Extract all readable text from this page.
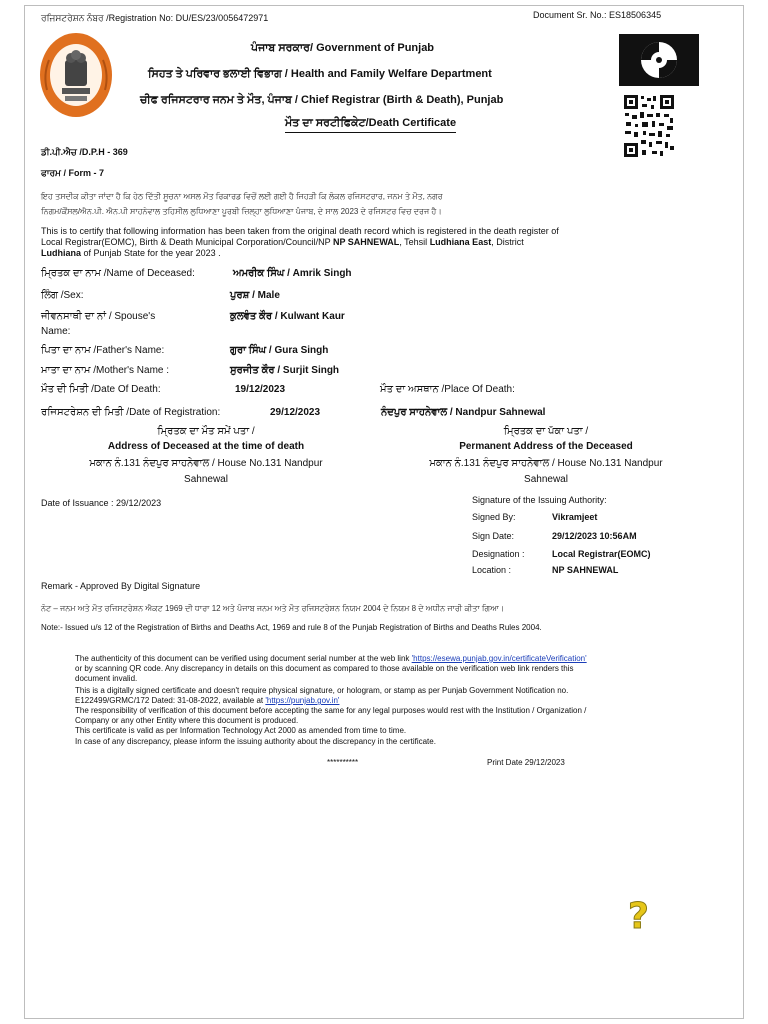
ਰਜਿਸਟਰੇਸ਼ਨ ਨੰਬਰ /Registration No: DU/ES/23/0056472971	Document Sr. No.: ES18506345
ਪੰਜਾਬ ਸਰਕਾਰ/ Government of Punjab
ਸਿਹਤ ਤੇ ਪਰਿਵਾਰ ਭਲਾਈ ਵਿਭਾਗ / Health and Family Welfare Department
ਚੀਫ ਰਜਿਸਟਰਾਰ ਜਨਮ ਤੇ ਮੌਤ, ਪੰਜਾਬ / Chief Registrar (Birth & Death), Punjab
ਮੌਤ ਦਾ ਸਰਟੀਫਿਕੇਟ/Death Certificate
ਡੀ.ਪੀ.ਐਚ /D.P.H - 369
ਫਾਰਮ / Form - 7
ਇਹ ਤਸਦੀਕ ਕੀਤਾ ਜਾਂਦਾ ਹੈ ਕਿ ਹੇਠ ਦਿੱਤੀ ਸੂਚਨਾ ਅਸਲ ਮੌਤ ਰਿਕਾਰਡ ਵਿਚੋਂ ਲਈ ਗਈ ਹੈ ਜਿਹੜੀ ਕਿ ਲੋਕਲ ਰਜਿਸਟਰਾਰ, ਜਨਮ ਤੇ ਮੌਤ, ਨਗਰ
ਨਿਗਮ/ਕੌਂਸਲ/ਐਨ.ਪੀ. ਐਨ.ਪੀ ਸਾਹਨੇਵਾਲ ਤਹਿਸੀਲ ਲੁਧਿਆਣਾ ਪੂਰਬੀ ਜ਼ਿਲ੍ਹਾ ਲੁਧਿਆਣਾ ਪੰਜਾਬ, ਦੇ ਸਾਲ 2023 ਦੇ ਰਜਿਸਟਰ ਵਿਚ ਦਰਜ ਹੈ।
This is to certify that following information has been taken from the original death record which is registered in the death register of
Local Registrar(EOMC), Birth & Death Municipal Corporation/Council/NP NP SAHNEWAL, Tehsil Ludhiana East, District
Ludhiana of Punjab State for the year 2023 .
ਮ੍ਰਿਤਕ ਦਾ ਨਾਮ /Name of Deceased:	ਅਮਰੀਕ ਸਿੰਘ / Amrik Singh
ਲਿੰਗ /Sex:	ਪੁਰਸ਼ / Male
ਜੀਵਨਸਾਥੀ ਦਾ ਨਾਂ / Spouse's
Name:
ਕੁਲਵੰਤ ਕੌਰ / Kulwant Kaur
ਪਿਤਾ ਦਾ ਨਾਮ /Father's Name:	ਗੁਰਾ ਸਿੰਘ / Gura Singh
ਮਾਤਾ ਦਾ ਨਾਮ /Mother's Name :	ਸੁਰਜੀਤ ਕੌਰ / Surjit Singh
ਮੌਤ ਦੀ ਮਿਤੀ /Date Of Death:	19/12/2023	ਮੌਤ ਦਾ ਅਸਥਾਨ /Place Of Death:
ਰਜਿਸਟਰੇਸ਼ਨ ਦੀ ਮਿਤੀ /Date of Registration:	29/12/2023	ਨੰਦਪੁਰ ਸਾਹਨੇਵਾਲ / Nandpur Sahnewal
ਮ੍ਰਿਤਕ ਦਾ ਮੌਤ ਸਮੇਂ ਪਤਾ /
Address of Deceased at the time of death
ਮਕਾਨ ਨੰ.131 ਨੰਦਪੁਰ ਸਾਹਨੇਵਾਲ / House No.131 Nandpur
Sahnewal
ਮ੍ਰਿਤਕ ਦਾ ਪੱਕਾ ਪਤਾ /
Permanent Address of the Deceased
ਮਕਾਨ ਨੰ.131 ਨੰਦਪੁਰ ਸਾਹਨੇਵਾਲ / House No.131 Nandpur
Sahnewal
Date of Issuance : 29/12/2023	Signature of the Issuing Authority:
Signed By:	Vikramjeet
Sign Date:	29/12/2023 10:56AM
Designation :	Local Registrar(EOMC)
Location :	NP SAHNEWAL
Remark - Approved By Digital Signature
ਨੋਟ – ਜਨਮ ਅਤੇ ਮੌਤ ਰਜਿਸਟਰੇਸ਼ਨ ਐਕਟ 1969 ਦੀ ਧਾਰਾ 12 ਅਤੇ ਪੰਜਾਬ ਜਨਮ ਅਤੇ ਮੌਤ ਰਜਿਸਟਰੇਸ਼ਨ ਨਿਯਮ 2004 ਦੇ ਨਿਯਮ 8 ਦੇ ਅਧੀਨ ਜਾਰੀ ਕੀਤਾ ਗਿਆ।
Note:- Issued u/s 12 of the Registration of Births and Deaths Act, 1969 and rule 8 of the Punjab Registration of Births and Deaths Rules 2004.
The authenticity of this document can be verified using document serial number at the web link 'https://esewa.punjab.gov.in/certificateVerification'
or by scanning QR code. Any discrepancy in details on this document as compared to those available on the verification web link renders this
document invalid.
This is a digitally signed certificate and doesn't require physical signature, or hologram, or stamp as per Punjab Government Notification no.
E122499/GRMC/172 Dated: 31-08-2022, available at 'https://punjab.gov.in'
The responsibility of verification of this document before accepting the same for any legal purposes would rest with the Institution / Organization /
Company or any other Entity where this document is produced.
This certificate is valid as per Information Technology Act 2000 as amended from time to time.
In case of any discrepancy, please inform the issuing authority about the discrepancy in the certificate.
**********	Print Date 29/12/2023
?
